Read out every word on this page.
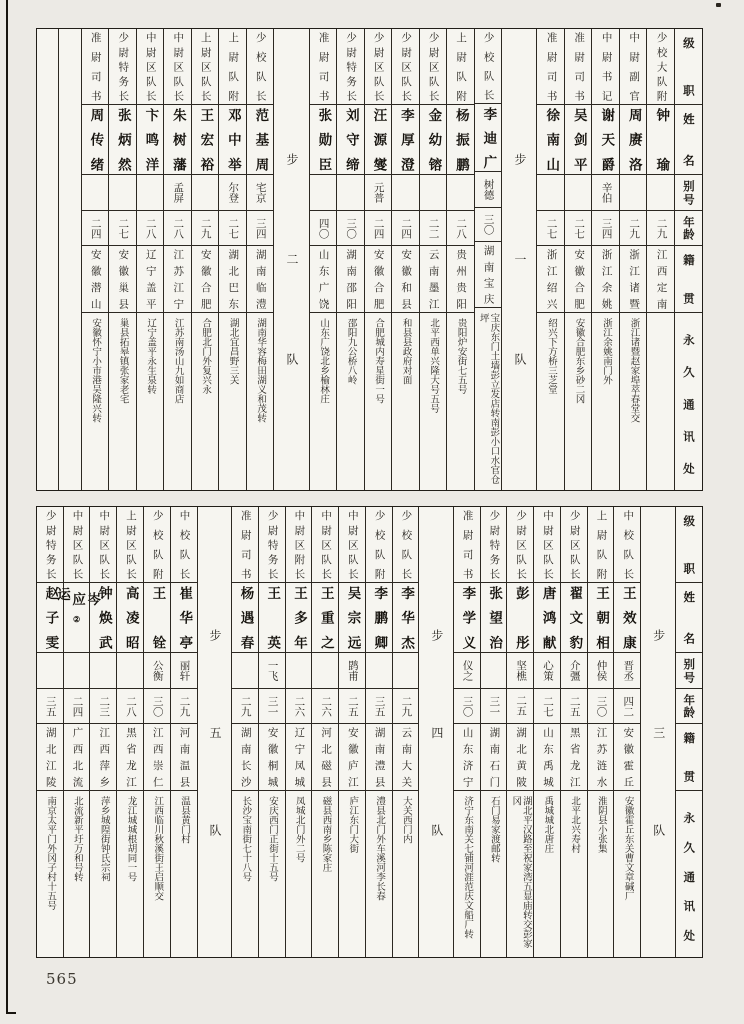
级职
姓名
别号
年龄
籍贯
永久通讯处
少校大队附
钟瑜
二九
江西定南
中尉副官
周赓洛
二九
浙江诸暨
浙江诸暨赵家埠萃春堂交
中尉书记
谢天爵
辛伯
三四
浙江余姚
浙江余姚南门外
准尉司书
吴剑平
二七
安徽合肥
安徽合肥东乡砂二冈
准尉司书
徐南山
二七
浙江绍兴
绍兴下方桥三芝堂
步一队
少校队长
李迪广
树德
三〇
湖南宝庆
宝庆东门土墙彭立发店转南彭小口水官仓坪
上尉队附
杨振鹏
二八
贵州贵阳
贵阳炉安街七五号
少尉区队长
金幼镕
二二
云南墨江
北平西单兴隆大号五号
少尉区队长
李厚澄
二四
安徽和县
和县县政府对面
少尉区队长
汪源燮
元普
二四
安徽合肥
合肥城内寿星街一号
少尉特务长
刘守缔
三〇
湖南邵阳
邵阳九公桥八岭
准尉司书
张勋臣
四〇
山东广饶
山东广饶北乡榆林庄
步二队
少校队长
范基周
宅京
三四
湖南临澧
湖南华容梅田湖义和茂转
上尉队附
邓中举
尔登
二七
湖北巴东
湖北宜昌野三关
上尉区队长
王宏裕
二九
安徽合肥
合肥北门外复兴永
中尉区队长
朱树藩
孟屏
二八
江苏江宁
江苏南汤山九如商店
中尉区队长
卞鸣洋
二八
辽宁盖平
辽宁盖平永生泉转
少尉特务长
张炳然
二七
安徽巢县
巢县拓皋镇张家老宅
准尉司书
周传绪
二四
安徽潜山
安徽怀宁小市港吴隆兴转
级职
姓名
别号
年龄
籍贯
永久通讯处
步三队
中校队长
王效康
晋丞
四二
安徽霍丘
安徽霍丘东关曹文章碱厂
上尉队附
王朝相
仲侯
三〇
江苏涟水
淮阴县小张集
少尉区队长
翟文豹
介彊
二五
黑省龙江
北平北兴寿村
中尉区队长
唐鸿献
心策
二七
山东禹城
禹城城北唐庄
少尉区队长
彭彤
坚樵
二五
湖北黄陂
湖北平汉路至祝家湾五显庙转交彭家冈
少尉特务长
张望治
三一
湖南石门
石门易家渡邮转
准尉司书
李学义
仪之
三〇
山东济宁
济宁东南关七铺河涯范庆文船厂转
步四队
少校队长
李华杰
二九
云南大关
大关西门内
少校队附
李鹏卿
三五
湖南澧县
澧县北门外车溪河李长春
中尉区队长
吴宗远
鹍甫
二五
安徽庐江
庐江东门大街
中尉区队长
王重之
二六
河北磁县
磁县西南乡陈家庄
中尉区附长
王多年
二六
辽宁凤城
凤城北门外二号
少尉特务长
王英
一飞
三一
安徽桐城
安庆西门正街十五号
准尉司书
杨遇春
二九
湖南长沙
长沙宝南街七十八号
步五队
中校队长
崔华亭
丽轩
二九
河南温县
温县黄门村
少校队附
王铨
公衡
三〇
江西崇仁
江西临川秋溪街王启顺交
上尉区队长
高凌昭
二八
黑省龙江
龙江城城根胡同一号
中尉区队长
钟焕武
二三
江西萍乡
萍乡城隍街钟氏宗祠
中尉区队长
岑应运
②
二四
广西北流
北流新平圩万和号转
少尉特务长
赵子雯
三五
湖北江陵
南京太平门外冈子村十五号
565
